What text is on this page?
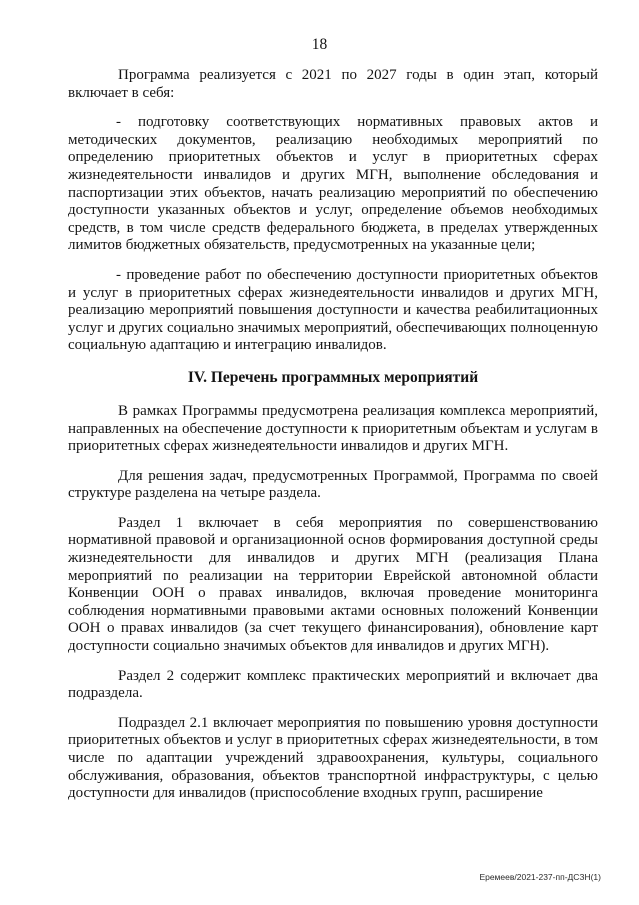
18

Программа реализуется с 2021 по 2027 годы в один этап, который включает в себя:

- подготовку соответствующих нормативных правовых актов и методических документов, реализацию необходимых мероприятий по определению приоритетных объектов и услуг в приоритетных сферах жизнедеятельности инвалидов и других МГН, выполнение обследования и паспортизации этих объектов, начать реализацию мероприятий по обеспечению доступности указанных объектов и услуг, определение объемов необходимых средств, в том числе средств федерального бюджета, в пределах утвержденных лимитов бюджетных обязательств, предусмотренных на указанные цели;

- проведение работ по обеспечению доступности приоритетных объектов и услуг в приоритетных сферах жизнедеятельности инвалидов и других МГН, реализацию мероприятий повышения доступности и качества реабилитационных услуг и других социально значимых мероприятий, обеспечивающих полноценную социальную адаптацию и интеграцию инвалидов.

IV. Перечень программных мероприятий

В рамках Программы предусмотрена реализация комплекса мероприятий, направленных на обеспечение доступности к приоритетным объектам и услугам в приоритетных сферах жизнедеятельности инвалидов и других МГН.

Для решения задач, предусмотренных Программой, Программа по своей структуре разделена на четыре раздела.

Раздел 1 включает в себя мероприятия по совершенствованию нормативной правовой и организационной основ формирования доступной среды жизнедеятельности для инвалидов и других МГН (реализация Плана мероприятий по реализации на территории Еврейской автономной области Конвенции ООН о правах инвалидов, включая проведение мониторинга соблюдения нормативными правовыми актами основных положений Конвенции ООН о правах инвалидов (за счет текущего финансирования), обновление карт доступности социально значимых объектов для инвалидов и других МГН).

Раздел 2 содержит комплекс практических мероприятий и включает два подраздела.

Подраздел 2.1 включает мероприятия по повышению уровня доступности приоритетных объектов и услуг в приоритетных сферах жизнедеятельности, в том числе по адаптации учреждений здравоохранения, культуры, социального обслуживания, образования, объектов транспортной инфраструктуры, с целью доступности для инвалидов (приспособление входных групп, расширение

Еремеев/2021-237-пп-ДСЗН(1)
